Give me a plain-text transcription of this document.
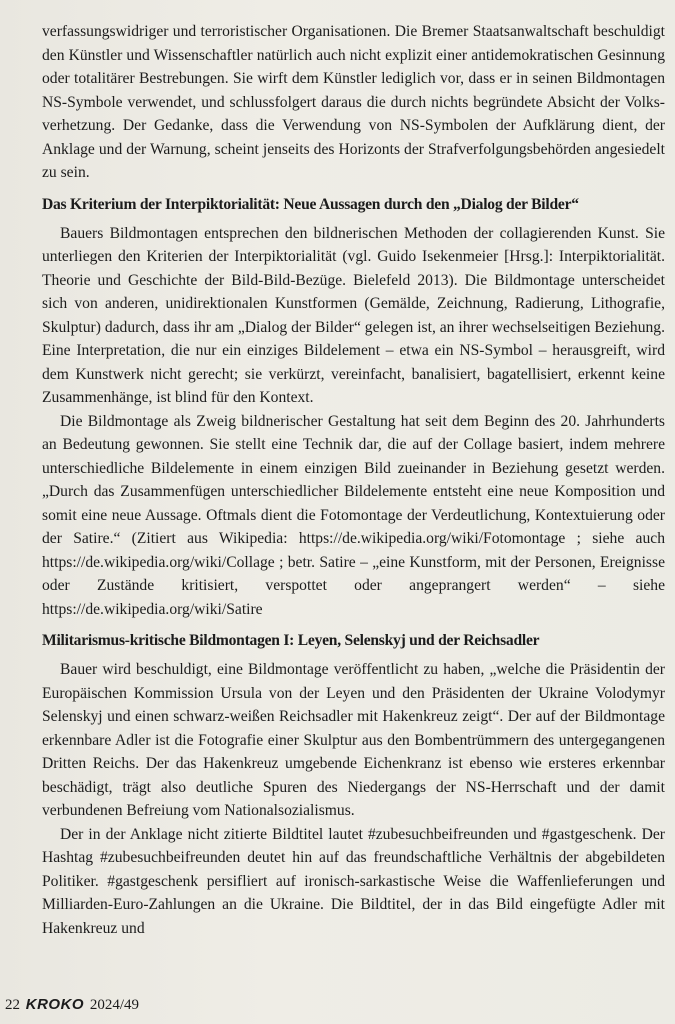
verfassungswidriger und terroristischer Organisationen. Die Bremer Staatsanwaltschaft beschuldigt den Künstler und Wissenschaftler natürlich auch nicht explizit einer antidemokratischen Gesinnung oder totalitärer Bestrebungen. Sie wirft dem Künstler lediglich vor, dass er in seinen Bildmontagen NS-Symbole verwendet, und schlussfolgert daraus die durch nichts begründete Absicht der Volksverhetzung. Der Gedanke, dass die Verwendung von NS-Symbolen der Aufklärung dient, der Anklage und der Warnung, scheint jenseits des Horizonts der Strafverfolgungsbehörden angesiedelt zu sein.

Das Kriterium der Interpiktorialität: Neue Aussagen durch den „Dialog der Bilder“

Bauers Bildmontagen entsprechen den bildnerischen Methoden der collagierenden Kunst. Sie unterliegen den Kriterien der Interpiktorialität (vgl. Guido Isekenmeier [Hrsg.]: Interpiktorialität. Theorie und Geschichte der Bild-Bild-Bezüge. Bielefeld 2013). Die Bildmontage unterscheidet sich von anderen, unidirektionalen Kunstformen (Gemälde, Zeichnung, Radierung, Lithografie, Skulptur) dadurch, dass ihr am „Dialog der Bilder“ gelegen ist, an ihrer wechselseitigen Beziehung. Eine Interpretation, die nur ein einziges Bildelement – etwa ein NS-Symbol – herausgreift, wird dem Kunstwerk nicht gerecht; sie verkürzt, vereinfacht, banalisiert, bagatellisiert, erkennt keine Zusammenhänge, ist blind für den Kontext.

Die Bildmontage als Zweig bildnerischer Gestaltung hat seit dem Beginn des 20. Jahrhunderts an Bedeutung gewonnen. Sie stellt eine Technik dar, die auf der Collage basiert, indem mehrere unterschiedliche Bildelemente in einem einzigen Bild zueinander in Beziehung gesetzt werden. „Durch das Zusammenfügen unterschiedlicher Bildelemente entsteht eine neue Komposition und somit eine neue Aussage. Oftmals dient die Fotomontage der Verdeutlichung, Kontextuierung oder der Satire.“ (Zitiert aus Wikipedia: https://de.wikipedia.org/wiki/Fotomontage ; siehe auch https://de.wikipedia.org/wiki/Collage ; betr. Satire – „eine Kunstform, mit der Personen, Ereignisse oder Zustände kritisiert, verspottet oder angeprangert werden“ – siehe https://de.wikipedia.org/wiki/Satire

Militarismus-kritische Bildmontagen I: Leyen, Selenskyj und der Reichsadler

Bauer wird beschuldigt, eine Bildmontage veröffentlicht zu haben, „welche die Präsidentin der Europäischen Kommission Ursula von der Leyen und den Präsidenten der Ukraine Volodymyr Selenskyj und einen schwarz-weißen Reichsadler mit Hakenkreuz zeigt“. Der auf der Bildmontage erkennbare Adler ist die Fotografie einer Skulptur aus den Bombentrümmern des untergegangenen Dritten Reichs. Der das Hakenkreuz umgebende Eichenkranz ist ebenso wie ersteres erkennbar beschädigt, trägt also deutliche Spuren des Niedergangs der NS-Herrschaft und der damit verbundenen Befreiung vom Nationalsozialismus.

Der in der Anklage nicht zitierte Bildtitel lautet #zubesuchbeifreunden und #gastgeschenk. Der Hashtag #zubesuchbeifreunden deutet hin auf das freundschaftliche Verhältnis der abgebildeten Politiker. #gastgeschenk persifliert auf ironisch-sarkastische Weise die Waffenlieferungen und Milliarden-Euro-Zahlungen an die Ukraine. Die Bildtitel, der in das Bild eingefügte Adler mit Hakenkreuz und

22 KROKO 2024/49
